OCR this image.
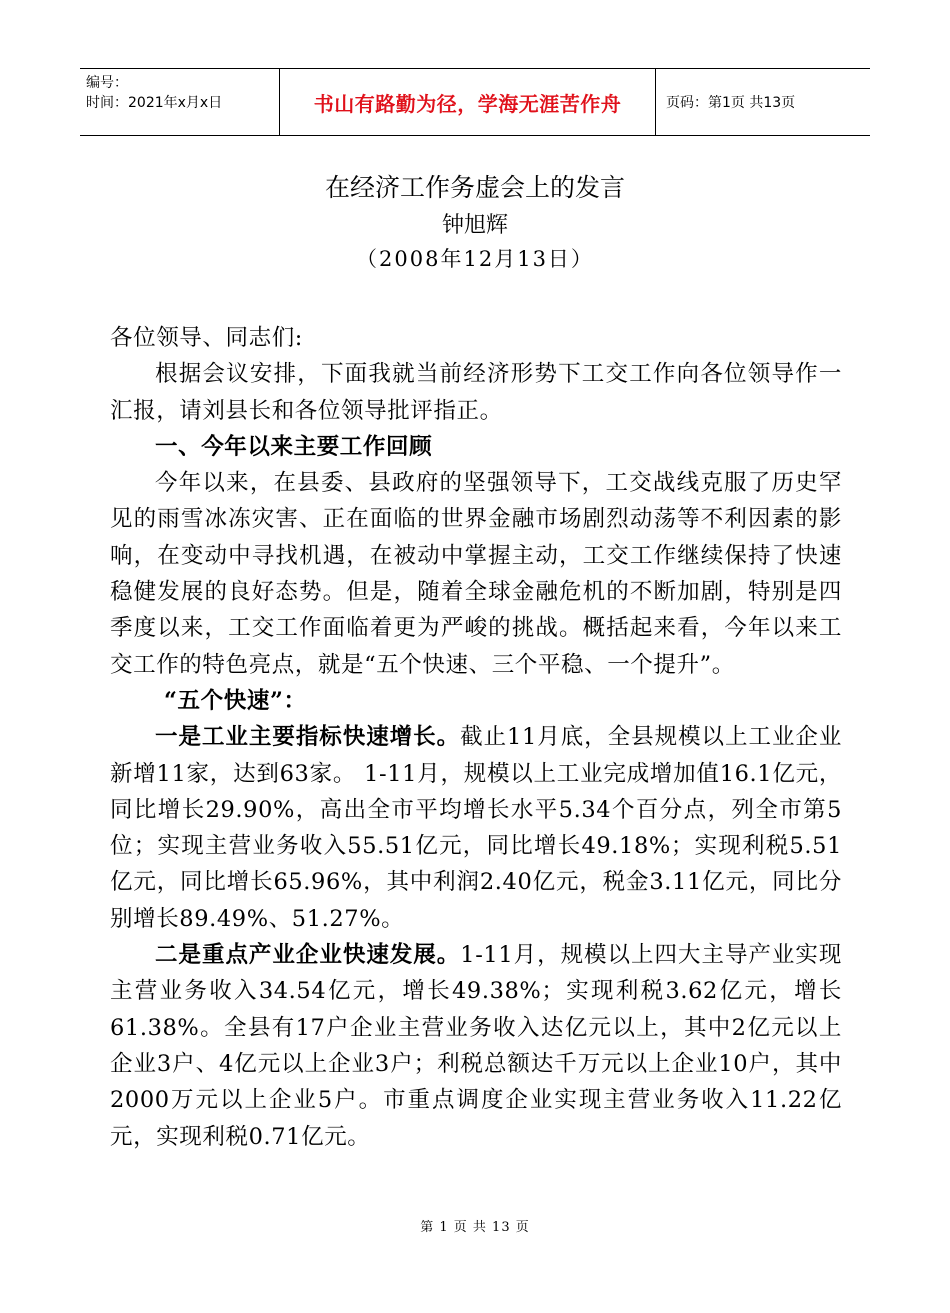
编号：
时间：2021年x月x日	书山有路勤为径，学海无涯苦作舟	页码：第1页 共13页
在经济工作务虚会上的发言
钟旭辉
（2008年12月13日）

各位领导、同志们:

根据会议安排，下面我就当前经济形势下工交工作向各位领导作一汇报，请刘县长和各位领导批评指正。

一、今年以来主要工作回顾

今年以来，在县委、县政府的坚强领导下，工交战线克服了历史罕见的雨雪冰冻灾害、正在面临的世界金融市场剧烈动荡等不利因素的影响，在变动中寻找机遇，在被动中掌握主动，工交工作继续保持了快速稳健发展的良好态势。但是，随着全球金融危机的不断加剧，特别是四季度以来，工交工作面临着更为严峻的挑战。概括起来看，今年以来工交工作的特色亮点，就是“五个快速、三个平稳、一个提升”。

“五个快速”：

一是工业主要指标快速增长。截止11月底，全县规模以上工业企业新增11家，达到63家。 1-11月，规模以上工业完成增加值16.1亿元，同比增长29.90%，高出全市平均增长水平5.34个百分点，列全市第5位；实现主营业务收入55.51亿元，同比增长49.18%；实现利税5.51亿元，同比增长65.96%，其中利润2.40亿元，税金3.11亿元，同比分别增长89.49%、51.27%。

二是重点产业企业快速发展。1-11月，规模以上四大主导产业实现主营业务收入34.54亿元，增长49.38%；实现利税3.62亿元，增长61.38%。全县有17户企业主营业务收入达亿元以上，其中2亿元以上企业3户、4亿元以上企业3户；利税总额达千万元以上企业10户，其中2000万元以上企业5户。市重点调度企业实现主营业务收入11.22亿元，实现利税0.71亿元。

第 1 页 共 13 页
